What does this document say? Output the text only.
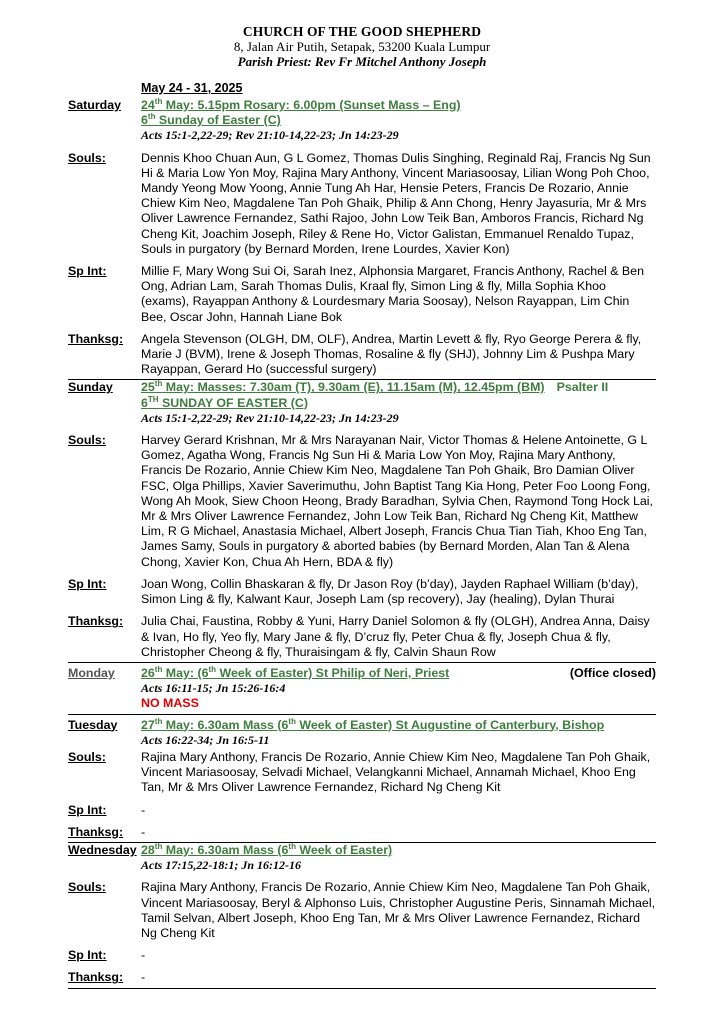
CHURCH OF THE GOOD SHEPHERD
8, Jalan Air Putih, Setapak, 53200 Kuala Lumpur
Parish Priest: Rev Fr Mitchel Anthony Joseph
May 24 - 31, 2025
Saturday	24th May: 5.15pm Rosary: 6.00pm (Sunset Mass – Eng)
6th Sunday of Easter (C)
Acts 15:1-2,22-29; Rev 21:10-14,22-23; Jn 14:23-29
Souls:	Dennis Khoo Chuan Aun, G L Gomez, Thomas Dulis Singhing, Reginald Raj, Francis Ng Sun Hi & Maria Low Yon Moy, Rajina Mary Anthony, Vincent Mariasoosay, Lilian Wong Poh Choo, Mandy Yeong Mow Yoong, Annie Tung Ah Har, Hensie Peters, Francis De Rozario, Annie Chiew Kim Neo, Magdalene Tan Poh Ghaik, Philip & Ann Chong, Henry Jayasuria, Mr & Mrs Oliver Lawrence Fernandez, Sathi Rajoo, John Low Teik Ban, Amboros Francis, Richard Ng Cheng Kit, Joachim Joseph, Riley & Rene Ho, Victor Galistan, Emmanuel Renaldo Tupaz, Souls in purgatory (by Bernard Morden, Irene Lourdes, Xavier Kon)
Sp Int:	Millie F, Mary Wong Sui Oi, Sarah Inez, Alphonsia Margaret, Francis Anthony, Rachel & Ben Ong, Adrian Lam, Sarah Thomas Dulis, Kraal fly, Simon Ling & fly, Milla Sophia Khoo (exams), Rayappan Anthony & Lourdesmary Maria Soosay), Nelson Rayappan, Lim Chin Bee, Oscar John, Hannah Liane Bok
Thanksg:	Angela Stevenson (OLGH, DM, OLF), Andrea, Martin Levett & fly, Ryo George Perera & fly, Marie J (BVM), Irene & Joseph Thomas, Rosaline & fly (SHJ), Johnny Lim & Pushpa Mary Rayappan, Gerard Ho (successful surgery)
Sunday	25th May: Masses: 7.30am (T), 9.30am (E), 11.15am (M), 12.45pm (BM) Psalter II
6TH SUNDAY OF EASTER (C)
Acts 15:1-2,22-29; Rev 21:10-14,22-23; Jn 14:23-29
Souls:	Harvey Gerard Krishnan, Mr & Mrs Narayanan Nair, Victor Thomas & Helene Antoinette, G L Gomez, Agatha Wong, Francis Ng Sun Hi & Maria Low Yon Moy, Rajina Mary Anthony, Francis De Rozario, Annie Chiew Kim Neo, Magdalene Tan Poh Ghaik, Bro Damian Oliver FSC, Olga Phillips, Xavier Saverimuthu, John Baptist Tang Kia Hong, Peter Foo Loong Fong, Wong Ah Mook, Siew Choon Heong, Brady Baradhan, Sylvia Chen, Raymond Tong Hock Lai, Mr & Mrs Oliver Lawrence Fernandez, John Low Teik Ban, Richard Ng Cheng Kit, Matthew Lim, R G Michael, Anastasia Michael, Albert Joseph, Francis Chua Tian Tiah, Khoo Eng Tan, James Samy, Souls in purgatory & aborted babies (by Bernard Morden, Alan Tan & Alena Chong, Xavier Kon, Chua Ah Hern, BDA & fly)
Sp Int:	Joan Wong, Collin Bhaskaran & fly, Dr Jason Roy (b’day), Jayden Raphael William (b’day), Simon Ling & fly, Kalwant Kaur, Joseph Lam (sp recovery), Jay (healing), Dylan Thurai
Thanksg:	Julia Chai, Faustina, Robby & Yuni, Harry Daniel Solomon & fly (OLGH), Andrea Anna, Daisy & Ivan, Ho fly, Yeo fly, Mary Jane & fly, D’cruz fly, Peter Chua & fly, Joseph Chua & fly, Christopher Cheong & fly, Thuraisingam & fly, Calvin Shaun Row
Monday	26th May: (6th Week of Easter) St Philip of Neri, Priest	(Office closed)
Acts 16:11-15; Jn 15:26-16:4
NO MASS
Tuesday	27th May: 6.30am Mass (6th Week of Easter) St Augustine of Canterbury, Bishop
Acts 16:22-34; Jn 16:5-11
Souls:	Rajina Mary Anthony, Francis De Rozario, Annie Chiew Kim Neo, Magdalene Tan Poh Ghaik, Vincent Mariasoosay, Selvadi Michael, Velangkanni Michael, Annamah Michael, Khoo Eng Tan, Mr & Mrs Oliver Lawrence Fernandez, Richard Ng Cheng Kit
Sp Int:	-
Thanksg:	-
Wednesday 28th May: 6.30am Mass (6th Week of Easter)
Acts 17:15,22-18:1; Jn 16:12-16
Souls:	Rajina Mary Anthony, Francis De Rozario, Annie Chiew Kim Neo, Magdalene Tan Poh Ghaik, Vincent Mariasoosay, Beryl & Alphonso Luis, Christopher Augustine Peris, Sinnamah Michael, Tamil Selvan, Albert Joseph, Khoo Eng Tan, Mr & Mrs Oliver Lawrence Fernandez, Richard Ng Cheng Kit
Sp Int:	-
Thanksg:	-
